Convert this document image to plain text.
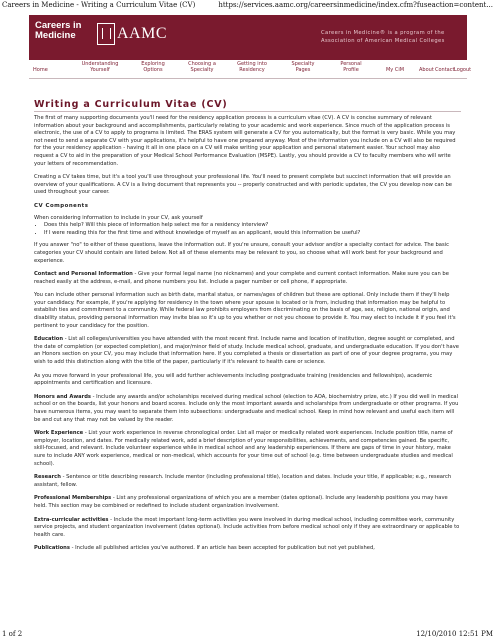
Careers in Medicine - Writing a Curriculum Vitae (CV)	https://services.aamc.org/careersinmedicine/index.cfm?fuseaction=content...
Careers in
Medicine	AAMC	Careers in Medicine® is a program of the
Association of American Medical Colleges
Home
Understanding
Yourself
Exploring
Options
Choosing a
Specialty
Getting into
Residency
Specialty
Pages
Personal
Profile	My CiM	About Contact Logout
Writing a Curriculum Vitae (CV)

The first of many supporting documents you'll need for the residency application process is a curriculum vitae (CV). A CV is concise summary of relevant information about your background and accomplishments, particularly relating to your academic and work experience. Since much of the application process is electronic, the use of a CV to apply to programs is limited. The ERAS system will generate a CV for you automatically, but the format is very basic. While you may not need to send a separate CV with your applications, it's helpful to have one prepared anyway. Most of the information you include on a CV will also be required for the your residency application - having it all in one place on a CV will make writing your application and personal statement easier. Your school may also request a CV to aid in the preparation of your Medical School Performance Evaluation (MSPE). Lastly, you should provide a CV to faculty members who will write your letters of recommendation.

Creating a CV takes time, but it's a tool you'll use throughout your professional life. You'll need to present complete but succinct information that will provide an overview of your qualifications. A CV is a living document that represents you -- properly constructed and with periodic updates, the CV you develop now can be used throughout your career.

CV Components

When considering information to include in your CV, ask yourself

• Does this help? Will this piece of information help select me for a residency interview?
• If I were reading this for the first time and without knowledge of myself as an applicant, would this information be useful?

If you answer "no" to either of these questions, leave the information out. If you're unsure, consult your advisor and/or a specialty contact for advice. The basic categories your CV should contain are listed below. Not all of these elements may be relevant to you, so choose what will work best for your background and experience.

Contact and Personal Information - Give your formal legal name (no nicknames) and your complete and current contact information. Make sure you can be reached easily at the address, e-mail, and phone numbers you list. Include a pager number or cell phone, if appropriate.

You can include other personal information such as birth date, marital status, or names/ages of children but these are optional. Only include them if they'll help your candidacy. For example, if you're applying for residency in the town where your spouse is located or is from, including that information may be helpful to establish ties and commitment to a community. While federal law prohibits employers from discriminating on the basis of age, sex, religion, national origin, and disability status, providing personal information may invite bias so it's up to you whether or not you choose to provide it. You may elect to include it if you feel it's pertinent to your candidacy for the position.

Education - List all colleges/universities you have attended with the most recent first. Include name and location of institution, degree sought or completed, and the date of completion (or expected completion), and major/minor field of study. Include medical school, graduate, and undergraduate education. If you don't have an Honors section on your CV, you may include that information here. If you completed a thesis or dissertation as part of one of your degree programs, you may wish to add this distinction along with the title of the paper, particularly if it's relevant to health care or science.

As you move forward in your professional life, you will add further achievements including postgraduate training (residencies and fellowships), academic appointments and certification and licensure.

Honors and Awards - Include any awards and/or scholarships received during medical school (election to AOA, biochemistry prize, etc.) If you did well in medical school or on the boards, list your honors and board scores. Include only the most important awards and scholarships from undergraduate or other programs. If you have numerous items, you may want to separate them into subsections: undergraduate and medical school. Keep in mind how relevant and useful each item will be and cut any that may not be valued by the reader.

Work Experience - List your work experience in reverse chronological order. List all major or medically related work experiences. Include position title, name of employer, location, and dates. For medically related work, add a brief description of your responsibilities, achievements, and competencies gained. Be specific, skill-focused, and relevant. Include volunteer experience while in medical school and any leadership experiences. If there are gaps of time in your history, make sure to include ANY work experience, medical or non-medical, which accounts for your time out of school (e.g. time between undergraduate studies and medical school).

Research - Sentence or title describing research. Include mentor (including professional title), location and dates. Include your title, if applicable; e.g., research assistant, fellow.

Professional Memberships - List any professional organizations of which you are a member (dates optional). Include any leadership positions you may have held. This section may be combined or redefined to include student organization involvement.

Extra-curricular activities - Include the most important long-term activities you were involved in during medical school, including committee work, community service projects, and student organization involvement (dates optional). Include activities from before medical school only if they are extraordinary or applicable to health care.

Publications - Include all published articles you've authored. If an article has been accepted for publication but not yet published,

1 of 2	12/10/2010 12:51 PM
